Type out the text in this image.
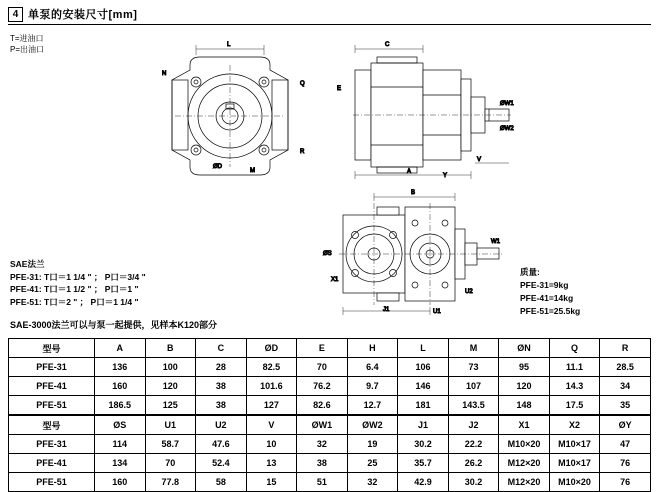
4 单泵的安装尺寸[mm]
T=进油口
P=出油口	L
N
Q
R
ØD
M
C
A
V
E
ØW1
ØW2
Y
B
ØS
X1
J1	U1
U2
W1
SAE法兰
PFE-31: T口＝1 1/4 " ； P口＝3/4 "
PFE-41: T口＝1 1/2 " ； P口＝1 "
PFE-51: T口＝2 " ； P口＝1 1/4 "
质量:
PFE-31=9kg
PFE-41=14kg
PFE-51=25.5kg
SAE-3000法兰可以与泵一起提供，见样本K120部分
型号	A	B	C	ØD	E	H	L	M	ØN	Q	R
PFE-31	136	100	28	82.5	70	6.4	106	73	95	11.1	28.5
PFE-41	160	120	38	101.6	76.2	9.7	146	107	120	14.3	34
PFE-51	186.5	125	38	127	82.6	12.7	181	143.5	148	17.5	35
型号	ØS	U1	U2	V	ØW1	ØW2	J1	J2	X1	X2	ØY
PFE-31	114	58.7	47.6	10	32	19	30.2	22.2	M10×20	M10×17	47
PFE-41	134	70	52.4	13	38	25	35.7	26.2	M12×20	M10×17	76
PFE-51	160	77.8	58	15	51	32	42.9	30.2	M12×20	M10×20	76
